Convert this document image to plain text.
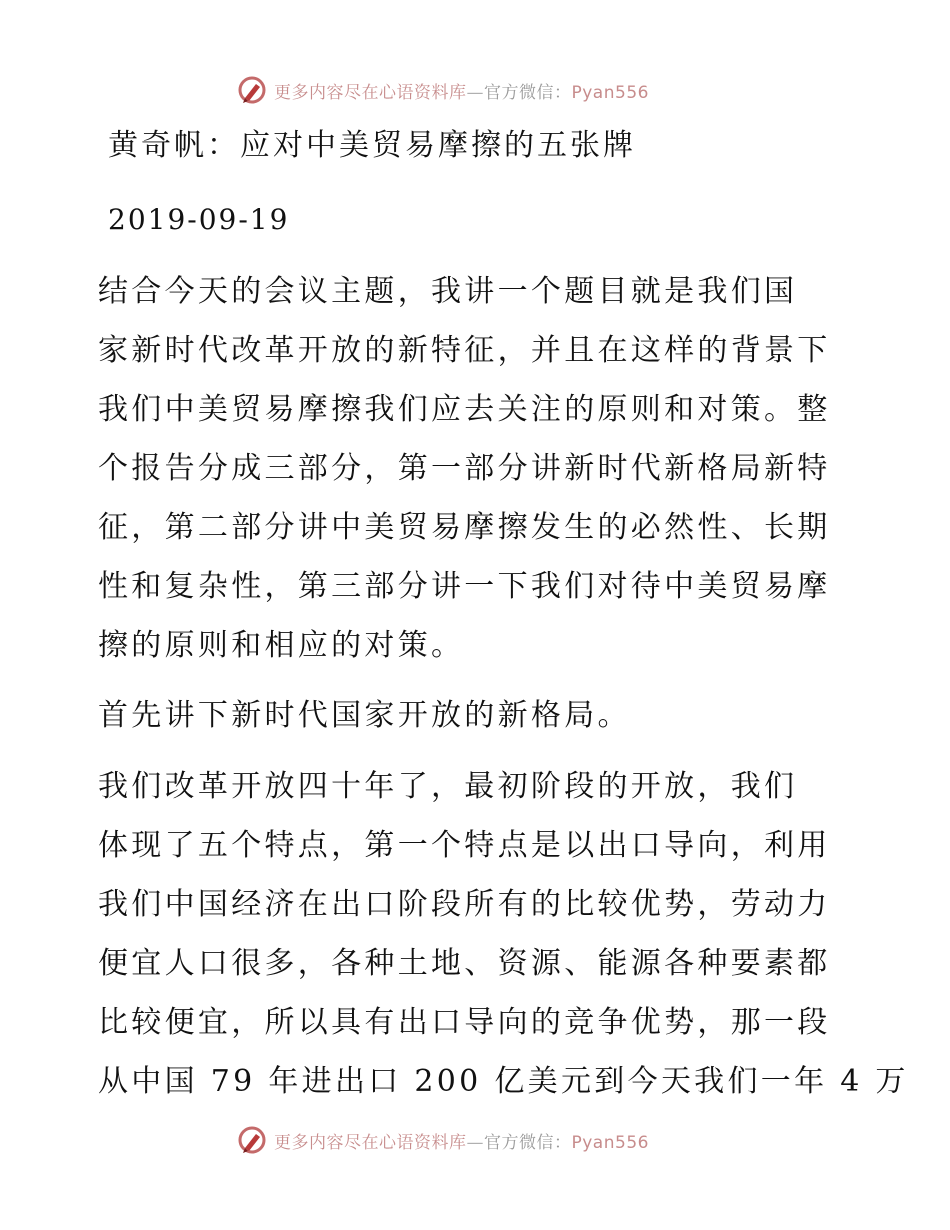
更多内容尽在心语资料库—官方微信：Pyan556
黄奇帆：应对中美贸易摩擦的五张牌
2019-09-19
结合今天的会议主题，我讲一个题目就是我们国
家新时代改革开放的新特征，并且在这样的背景下
我们中美贸易摩擦我们应去关注的原则和对策。整
个报告分成三部分，第一部分讲新时代新格局新特
征，第二部分讲中美贸易摩擦发生的必然性、长期
性和复杂性，第三部分讲一下我们对待中美贸易摩
擦的原则和相应的对策。
首先讲下新时代国家开放的新格局。
我们改革开放四十年了，最初阶段的开放，我们
体现了五个特点，第一个特点是以出口导向，利用
我们中国经济在出口阶段所有的比较优势，劳动力
便宜人口很多，各种土地、资源、能源各种要素都
比较便宜，所以具有出口导向的竞争优势，那一段
从中国 79 年进出口 200 亿美元到今天我们一年 4 万
更多内容尽在心语资料库—官方微信：Pyan556
